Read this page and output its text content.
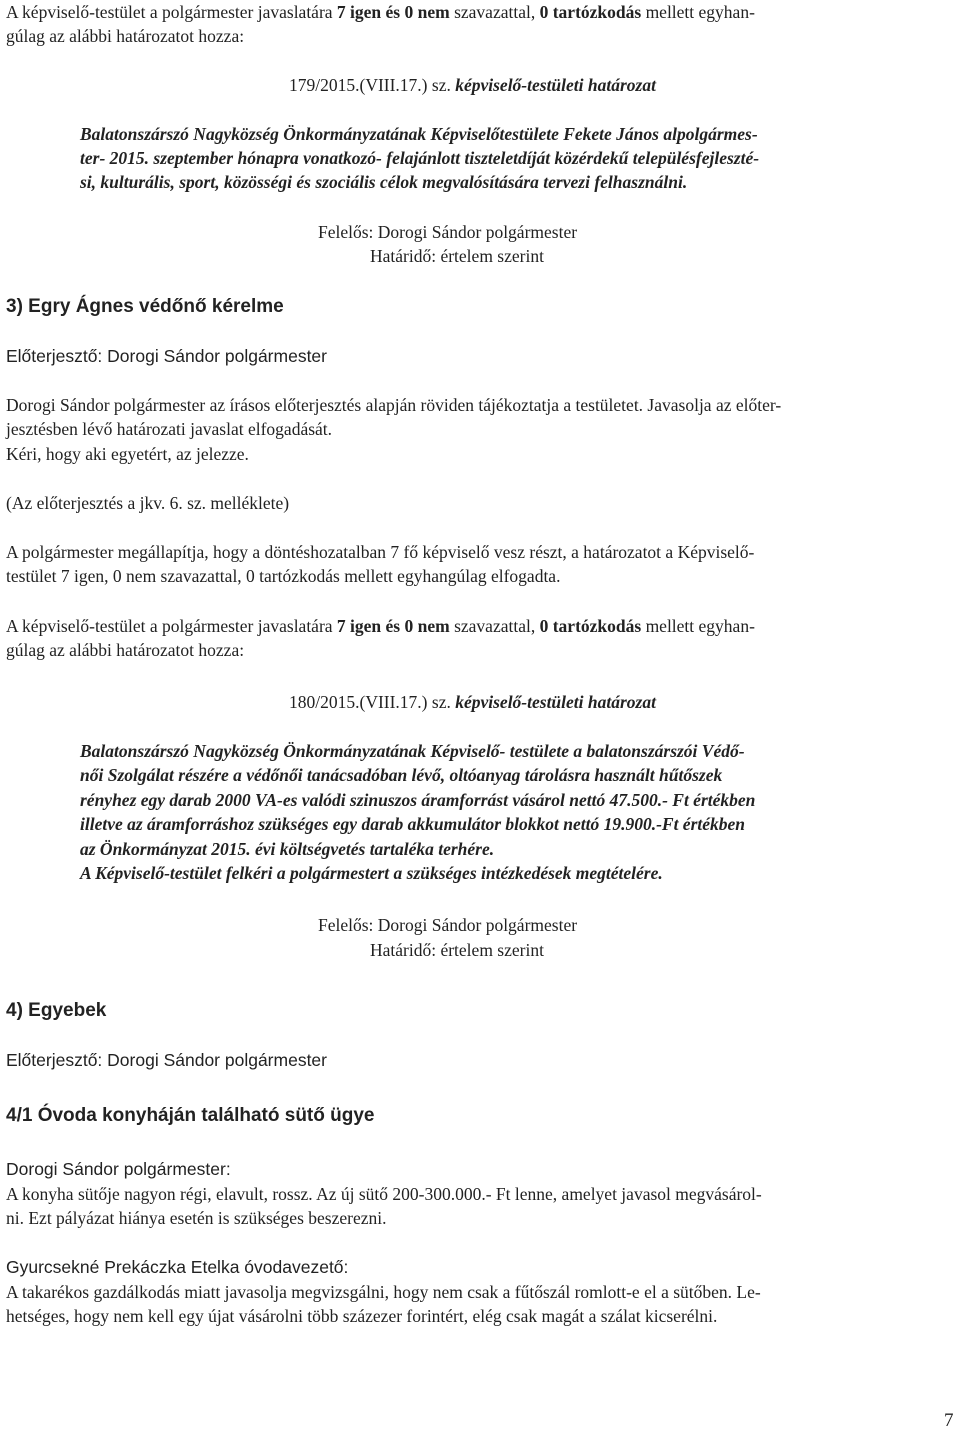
A képviselő-testület a polgármester javaslatára 7 igen és 0 nem szavazattal, 0 tartózkodás mellett egyhan-
gúlag az alábbi határozatot hozza:
179/2015.(VIII.17.) sz. képviselő-testületi határozat
Balatonszárszó Nagyközség Önkormányzatának Képviselőtestülete Fekete János alpolgármes-
ter- 2015. szeptember hónapra vonatkozó- felajánlott tiszteletdíját közérdekű településfejleszté-
si, kulturális, sport, közösségi és szociális célok megvalósítására tervezi felhasználni.
Felelős: Dorogi Sándor polgármester
Határidő: értelem szerint
3) Egry Ágnes védőnő kérelme
Előterjesztő: Dorogi Sándor polgármester
Dorogi Sándor polgármester az írásos előterjesztés alapján röviden tájékoztatja a testületet. Javasolja az előter-
jesztésben lévő határozati javaslat elfogadását.
Kéri, hogy aki egyetért, az jelezze.
(Az előterjesztés a jkv. 6. sz. melléklete)
A polgármester megállapítja, hogy a döntéshozatalban 7 fő képviselő vesz részt, a határozatot a Képviselő-
testület 7 igen, 0 nem szavazattal, 0 tartózkodás mellett egyhangúlag elfogadta.
A képviselő-testület a polgármester javaslatára 7 igen és 0 nem szavazattal, 0 tartózkodás mellett egyhan-
gúlag az alábbi határozatot hozza:
180/2015.(VIII.17.) sz. képviselő-testületi határozat
Balatonszárszó Nagyközség Önkormányzatának Képviselő- testülete a balatonszárszói Védő-
női Szolgálat részére a védőnői tanácsadóban lévő, oltóanyag tárolásra használt hűtőszek
rényhez egy darab 2000 VA-es valódi szinuszos áramforrást vásárol nettó 47.500.- Ft értékben
illetve az áramforráshoz szükséges egy darab akkumulátor blokkot nettó 19.900.-Ft értékben
az Önkormányzat 2015. évi költségvetés tartaléka terhére.
A Képviselő-testület felkéri a polgármestert a szükséges intézkedések megtételére.
Felelős: Dorogi Sándor polgármester
Határidő: értelem szerint
4) Egyebek
Előterjesztő: Dorogi Sándor polgármester
4/1 Óvoda konyháján található sütő ügye
Dorogi Sándor polgármester:
A konyha sütője nagyon régi, elavult, rossz. Az új sütő 200-300.000.- Ft lenne, amelyet javasol megvásárol-
ni. Ezt pályázat hiánya esetén is szükséges beszerezni.
Gyurcsekné Prekáczka Etelka óvodavezető:
A takarékos gazdálkodás miatt javasolja megvizsgálni, hogy nem csak a fűtőszál romlott-e el a sütőben. Le-
hetséges, hogy nem kell egy újat vásárolni több százezer forintért, elég csak magát a szálat kicserélni.
7
